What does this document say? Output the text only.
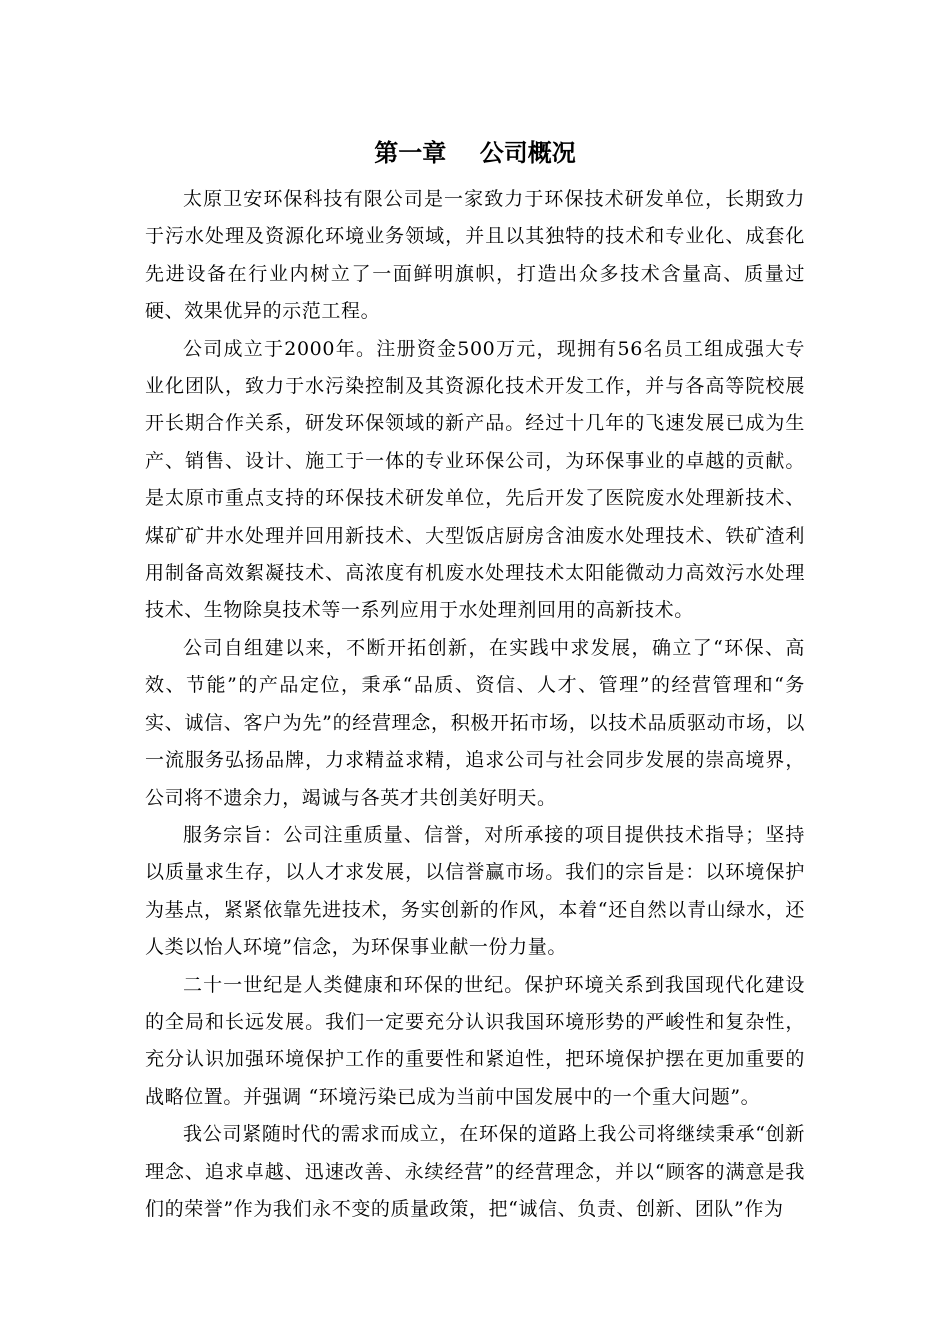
第一章    公司概况

太原卫安环保科技有限公司是一家致力于环保技术研发单位，长期致力于污水处理及资源化环境业务领域，并且以其独特的技术和专业化、成套化先进设备在行业内树立了一面鲜明旗帜，打造出众多技术含量高、质量过硬、效果优异的示范工程。

公司成立于2000年。注册资金500万元，现拥有56名员工组成强大专业化团队，致力于水污染控制及其资源化技术开发工作，并与各高等院校展开长期合作关系，研发环保领域的新产品。经过十几年的飞速发展已成为生产、销售、设计、施工于一体的专业环保公司，为环保事业的卓越的贡献。是太原市重点支持的环保技术研发单位，先后开发了医院废水处理新技术、煤矿矿井水处理并回用新技术、大型饭店厨房含油废水处理技术、铁矿渣利用制备高效絮凝技术、高浓度有机废水处理技术太阳能微动力高效污水处理技术、生物除臭技术等一系列应用于水处理剂回用的高新技术。

公司自组建以来，不断开拓创新，在实践中求发展，确立了“环保、高效、节能”的产品定位，秉承“品质、资信、人才、管理”的经营管理和“务实、诚信、客户为先”的经营理念，积极开拓市场，以技术品质驱动市场，以一流服务弘扬品牌，力求精益求精，追求公司与社会同步发展的崇高境界，公司将不遗余力，竭诚与各英才共创美好明天。

服务宗旨：公司注重质量、信誉，对所承接的项目提供技术指导；坚持以质量求生存，以人才求发展，以信誉赢市场。我们的宗旨是：以环境保护为基点，紧紧依靠先进技术，务实创新的作风，本着“还自然以青山绿水，还人类以怡人环境”信念，为环保事业献一份力量。

二十一世纪是人类健康和环保的世纪。保护环境关系到我国现代化建设的全局和长远发展。我们一定要充分认识我国环境形势的严峻性和复杂性，充分认识加强环境保护工作的重要性和紧迫性，把环境保护摆在更加重要的战略位置。并强调 “环境污染已成为当前中国发展中的一个重大问题”。

我公司紧随时代的需求而成立，在环保的道路上我公司将继续秉承“创新理念、追求卓越、迅速改善、永续经营”的经营理念，并以“顾客的满意是我们的荣誉”作为我们永不变的质量政策，把“诚信、负责、创新、团队”作为
